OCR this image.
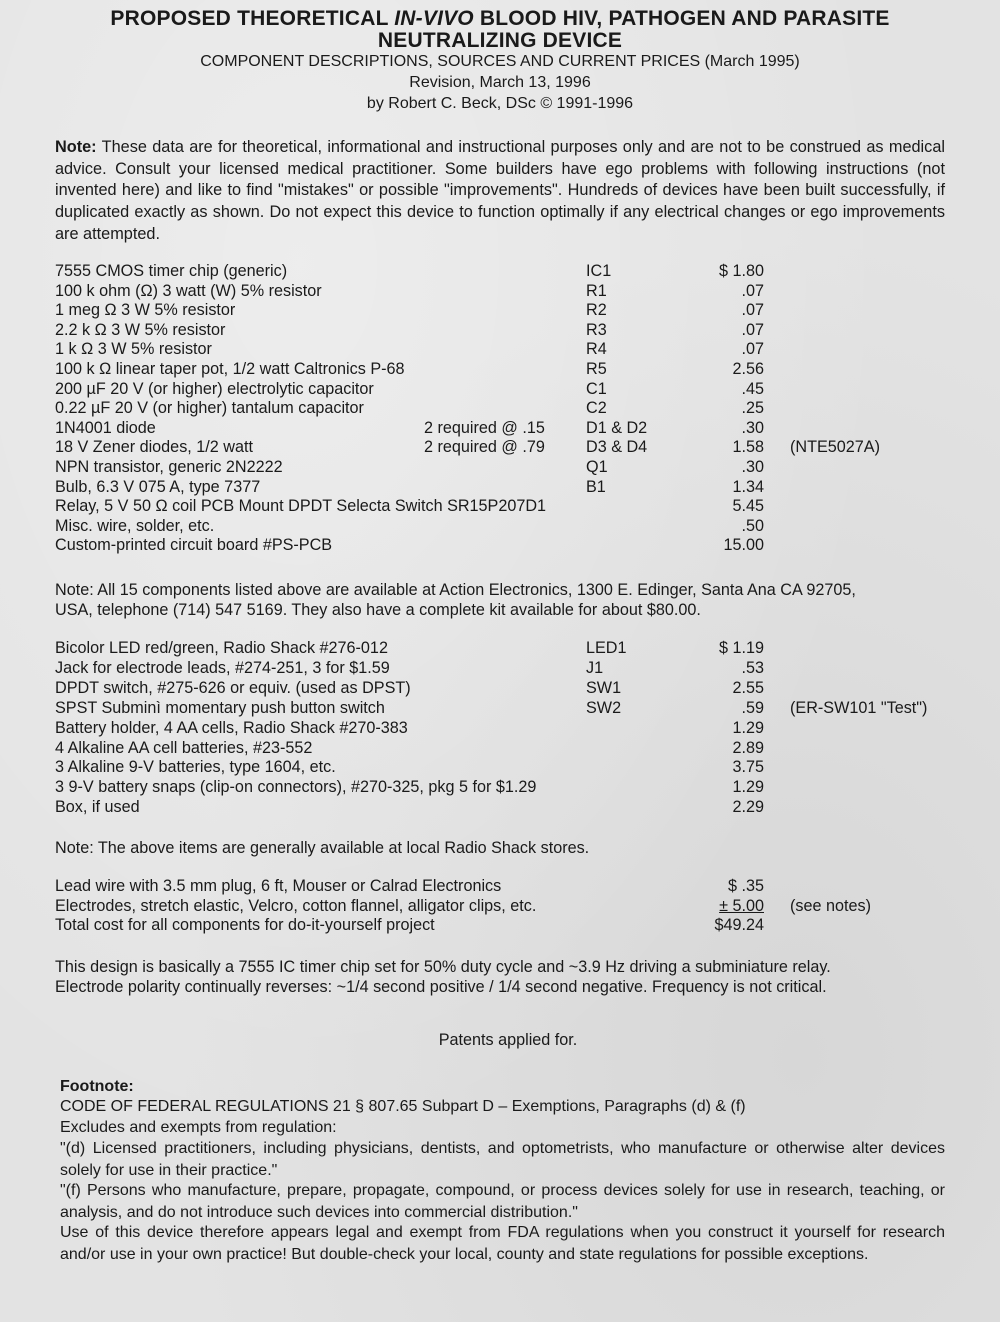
PROPOSED THEORETICAL IN-VIVO BLOOD HIV, PATHOGEN AND PARASITE
NEUTRALIZING DEVICE
COMPONENT DESCRIPTIONS, SOURCES AND CURRENT PRICES (March 1995)
Revision, March 13, 1996
by Robert C. Beck, DSc © 1991-1996
Note: These data are for theoretical, informational and instructional purposes only and are not to be construed as medical advice. Consult your licensed medical practitioner. Some builders have ego problems with following instructions (not invented here) and like to find "mistakes" or possible "improvements". Hundreds of devices have been built successfully, if duplicated exactly as shown. Do not expect this device to function optimally if any electrical changes or ego improvements are attempted.
7555 CMOS timer chip (generic)	IC1	$ 1.80
100 k ohm (Ω) 3 watt (W) 5% resistor	R1	.07
1 meg Ω 3 W 5% resistor	R2	.07
2.2 k Ω 3 W 5% resistor	R3	.07
1 k Ω 3 W 5% resistor	R4	.07
100 k Ω linear taper pot, 1/2 watt Caltronics P-68	R5	2.56
200 µF 20 V (or higher) electrolytic capacitor	C1	.45
0.22 µF 20 V (or higher) tantalum capacitor	C2	.25
1N4001 diode	2 required @ .15	D1 & D2	.30
18 V Zener diodes, 1/2 watt	2 required @ .79	D3 & D4	1.58 (NTE5027A)
NPN transistor, generic 2N2222	Q1	.30
Bulb, 6.3 V 075 A, type 7377	B1	1.34
Relay, 5 V 50 Ω coil PCB Mount DPDT Selecta Switch SR15P207D1	5.45
Misc. wire, solder, etc.	.50
Custom-printed circuit board #PS-PCB	15.00
Note: All 15 components listed above are available at Action Electronics, 1300 E. Edinger, Santa Ana CA 92705,
USA, telephone (714) 547 5169. They also have a complete kit available for about $80.00.
Bicolor LED red/green, Radio Shack #276-012	LED1	$ 1.19
Jack for electrode leads, #274-251, 3 for $1.59	J1	.53
DPDT switch, #275-626 or equiv. (used as DPST)	SW1	2.55
SPST Subminì momentary push button switch	SW2	.59 (ER-SW101 "Test")
Battery holder, 4 AA cells, Radio Shack #270-383	1.29
4 Alkaline AA cell batteries, #23-552	2.89
3 Alkaline 9-V batteries, type 1604, etc.	3.75
3 9-V battery snaps (clip-on connectors), #270-325, pkg 5 for $1.29	1.29
Box, if used	2.29
Note: The above items are generally available at local Radio Shack stores.
Lead wire with 3.5 mm plug, 6 ft, Mouser or Calrad Electronics	$ .35
Electrodes, stretch elastic, Velcro, cotton flannel, alligator clips, etc.	± 5.00 (see notes)
Total cost for all components for do-it-yourself project	$49.24
This design is basically a 7555 IC timer chip set for 50% duty cycle and ~3.9 Hz driving a subminiature relay.
Electrode polarity continually reverses: ~1/4 second positive / 1/4 second negative. Frequency is not critical.
Patents applied for.
Footnote:
CODE OF FEDERAL REGULATIONS 21 § 807.65 Subpart D – Exemptions, Paragraphs (d) & (f)
Excludes and exempts from regulation:
"(d) Licensed practitioners, including physicians, dentists, and optometrists, who manufacture or otherwise alter devices solely for use in their practice."
"(f) Persons who manufacture, prepare, propagate, compound, or process devices solely for use in research, teaching, or analysis, and do not introduce such devices into commercial distribution."
Use of this device therefore appears legal and exempt from FDA regulations when you construct it yourself for research and/or use in your own practice! But double-check your local, county and state regulations for possible exceptions.
